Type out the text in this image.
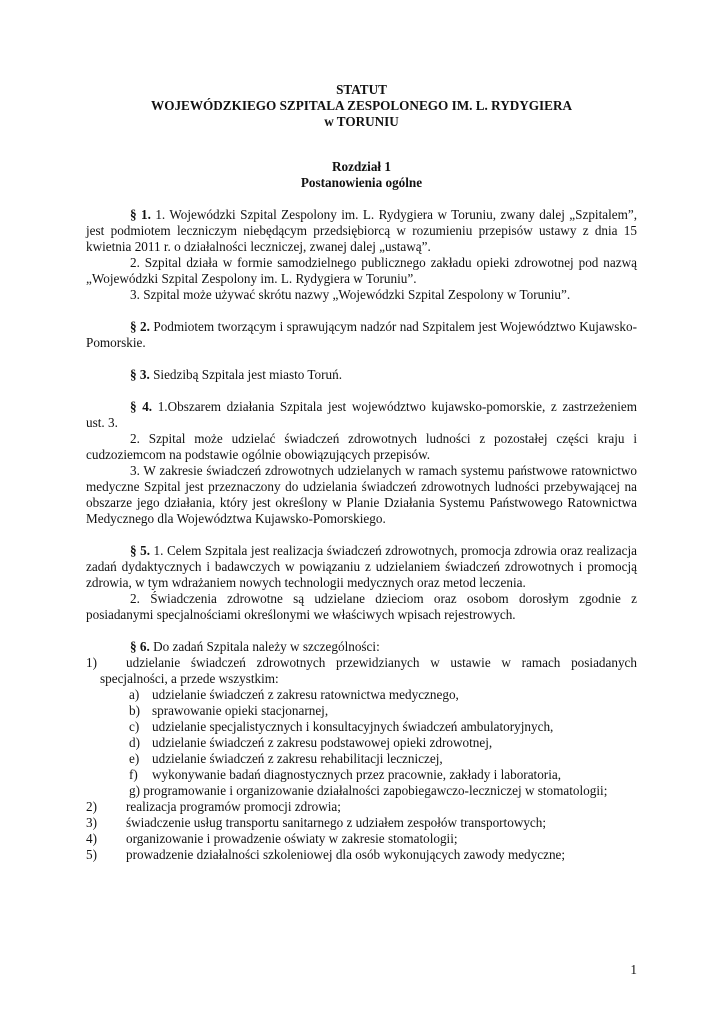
STATUT
WOJEWÓDZKIEGO SZPITALA ZESPOLONEGO IM. L. RYDYGIERA
w TORUNIU
Rozdział 1
Postanowienia ogólne

§ 1. 1. Wojewódzki Szpital Zespolony im. L. Rydygiera w Toruniu, zwany dalej „Szpitalem”, jest podmiotem leczniczym niebędącym przedsiębiorcą w rozumieniu przepisów ustawy z dnia 15 kwietnia 2011 r. o działalności leczniczej, zwanej dalej „ustawą”.

2. Szpital działa w formie samodzielnego publicznego zakładu opieki zdrowotnej pod nazwą „Wojewódzki Szpital Zespolony im. L. Rydygiera w Toruniu”.

3. Szpital może używać skrótu nazwy „Wojewódzki Szpital Zespolony w Toruniu”.

§ 2. Podmiotem tworzącym i sprawującym nadzór nad Szpitalem jest Województwo Kujawsko-Pomorskie.

§ 3. Siedzibą Szpitala jest miasto Toruń.

§ 4. 1.Obszarem działania Szpitala jest województwo kujawsko-pomorskie, z zastrzeżeniem ust. 3.

2. Szpital może udzielać świadczeń zdrowotnych ludności z pozostałej części kraju i cudzoziemcom na podstawie ogólnie obowiązujących przepisów.

3. W zakresie świadczeń zdrowotnych udzielanych w ramach systemu państwowe ratownictwo medyczne Szpital jest przeznaczony do udzielania świadczeń zdrowotnych ludności przebywającej na obszarze jego działania, który jest określony w Planie Działania Systemu Państwowego Ratownictwa Medycznego dla Województwa Kujawsko-Pomorskiego.

§ 5. 1. Celem Szpitala jest realizacja świadczeń zdrowotnych, promocja zdrowia oraz realizacja zadań dydaktycznych i badawczych w powiązaniu z udzielaniem świadczeń zdrowotnych i promocją zdrowia, w tym wdrażaniem nowych technologii medycznych oraz metod leczenia.

2. Świadczenia zdrowotne są udzielane dzieciom oraz osobom dorosłym zgodnie z posiadanymi specjalnościami określonymi we właściwych wpisach rejestrowych.

§ 6. Do zadań Szpitala należy w szczególności:

1)	udzielanie świadczeń zdrowotnych przewidzianych w ustawie w ramach posiadanych specjalności, a przede wszystkim:
a) udzielanie świadczeń z zakresu ratownictwa medycznego,
b) sprawowanie opieki stacjonarnej,
c) udzielanie specjalistycznych i konsultacyjnych świadczeń ambulatoryjnych,
d) udzielanie świadczeń z zakresu podstawowej opieki zdrowotnej,
e) udzielanie świadczeń z zakresu rehabilitacji leczniczej,
f) wykonywanie badań diagnostycznych przez pracownie, zakłady i laboratoria,
g) programowanie i organizowanie działalności zapobiegawczo-leczniczej w stomatologii;
2) realizacja programów promocji zdrowia;
3) świadczenie usług transportu sanitarnego z udziałem zespołów transportowych;
4) organizowanie i prowadzenie oświaty w zakresie stomatologii;
5) prowadzenie działalności szkoleniowej dla osób wykonujących zawody medyczne;
1
